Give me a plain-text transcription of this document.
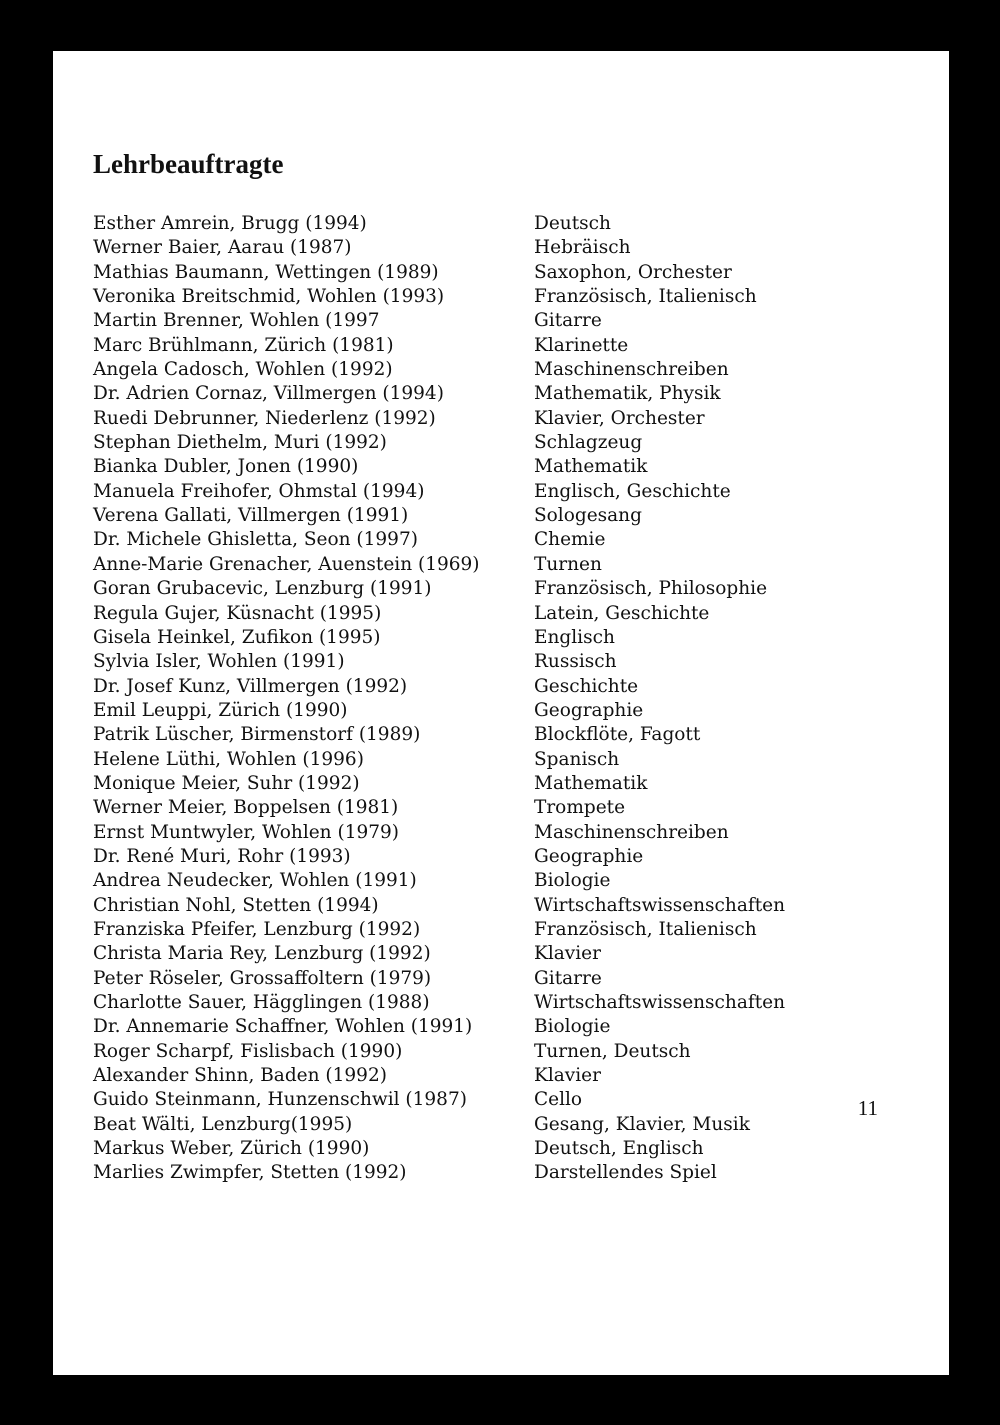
Lehrbeauftragte
Esther Amrein, Brugg (1994)	Deutsch
Werner Baier, Aarau (1987)	Hebräisch
Mathias Baumann, Wettingen (1989)	Saxophon, Orchester
Veronika Breitschmid, Wohlen (1993)	Französisch, Italienisch
Martin Brenner, Wohlen (1997	Gitarre
Marc Brühlmann, Zürich (1981)	Klarinette
Angela Cadosch, Wohlen (1992)	Maschinenschreiben
Dr. Adrien Cornaz, Villmergen (1994)	Mathematik, Physik
Ruedi Debrunner, Niederlenz (1992)	Klavier, Orchester
Stephan Diethelm, Muri (1992)	Schlagzeug
Bianka Dubler, Jonen (1990)	Mathematik
Manuela Freihofer, Ohmstal (1994)	Englisch, Geschichte
Verena Gallati, Villmergen (1991)	Sologesang
Dr. Michele Ghisletta, Seon (1997)	Chemie
Anne-Marie Grenacher, Auenstein (1969)	Turnen
Goran Grubacevic, Lenzburg (1991)	Französisch, Philosophie
Regula Gujer, Küsnacht (1995)	Latein, Geschichte
Gisela Heinkel, Zufikon (1995)	Englisch
Sylvia Isler, Wohlen (1991)	Russisch
Dr. Josef Kunz, Villmergen (1992)	Geschichte
Emil Leuppi, Zürich (1990)	Geographie
Patrik Lüscher, Birmenstorf (1989)	Blockflöte, Fagott
Helene Lüthi, Wohlen (1996)	Spanisch
Monique Meier, Suhr (1992)	Mathematik
Werner Meier, Boppelsen (1981)	Trompete
Ernst Muntwyler, Wohlen (1979)	Maschinenschreiben
Dr. René Muri, Rohr (1993)	Geographie
Andrea Neudecker, Wohlen (1991)	Biologie
Christian Nohl, Stetten (1994)	Wirtschaftswissenschaften
Franziska Pfeifer, Lenzburg (1992)	Französisch, Italienisch
Christa Maria Rey, Lenzburg (1992)	Klavier
Peter Röseler, Grossaffoltern (1979)	Gitarre
Charlotte Sauer, Hägglingen (1988)	Wirtschaftswissenschaften
Dr. Annemarie Schaffner, Wohlen (1991)	Biologie
Roger Scharpf, Fislisbach (1990)	Turnen, Deutsch
Alexander Shinn, Baden (1992)	Klavier
Guido Steinmann, Hunzenschwil (1987)	Cello
Beat Wälti, Lenzburg(1995)	Gesang, Klavier, Musik
Markus Weber, Zürich (1990)	Deutsch, Englisch
Marlies Zwimpfer, Stetten (1992)	Darstellendes Spiel
11
